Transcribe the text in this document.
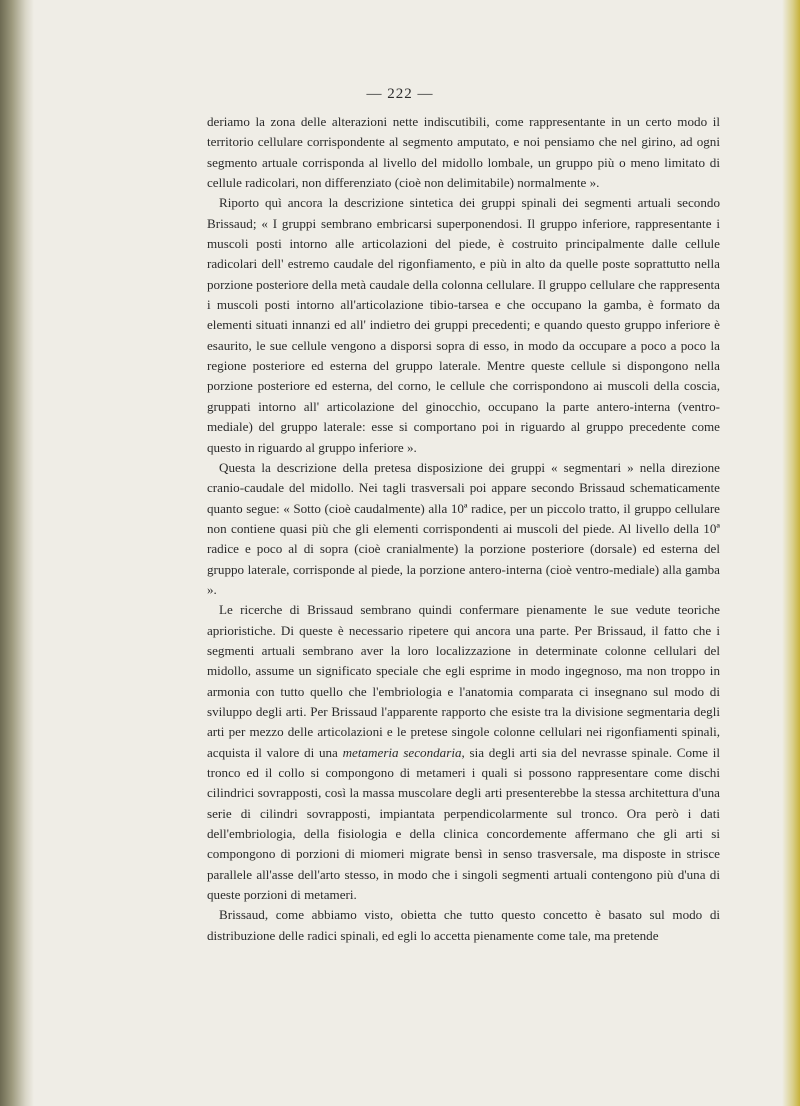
— 222 —

deriamo la zona delle alterazioni nette indiscutibili, come rappresentante in un certo modo il territorio cellulare corrispondente al segmento amputato, e noi pensiamo che nel girino, ad ogni segmento artuale corrisponda al livello del midollo lombale, un gruppo più o meno limitato di cellule radicolari, non differenziato (cioè non delimitabile) normalmente ».

Riporto quì ancora la descrizione sintetica dei gruppi spinali dei segmenti artuali secondo Brissaud; « I gruppi sembrano embricarsi superponendosi. Il gruppo inferiore, rappresentante i muscoli posti intorno alle articolazioni del piede, è costruito principalmente dalle cellule radicolari dell' estremo caudale del rigonfiamento, e più in alto da quelle poste soprattutto nella porzione posteriore della metà caudale della colonna cellulare. Il gruppo cellulare che rappresenta i muscoli posti intorno all'articolazione tibio-tarsea e che occupano la gamba, è formato da elementi situati innanzi ed all' indietro dei gruppi precedenti; e quando questo gruppo inferiore è esaurito, le sue cellule vengono a disporsi sopra di esso, in modo da occupare a poco a poco la regione posteriore ed esterna del gruppo laterale. Mentre queste cellule si dispongono nella porzione posteriore ed esterna, del corno, le cellule che corrispondono ai muscoli della coscia, gruppati intorno all' articolazione del ginocchio, occupano la parte antero-interna (ventro-mediale) del gruppo laterale: esse si comportano poi in riguardo al gruppo precedente come questo in riguardo al gruppo inferiore ».

Questa la descrizione della pretesa disposizione dei gruppi « segmentari » nella direzione cranio-caudale del midollo. Nei tagli trasversali poi appare secondo Brissaud schematicamente quanto segue: « Sotto (cioè caudalmente) alla 10ª radice, per un piccolo tratto, il gruppo cellulare non contiene quasi più che gli elementi corrispondenti ai muscoli del piede. Al livello della 10ª radice e poco al di sopra (cioè cranialmente) la porzione posteriore (dorsale) ed esterna del gruppo laterale, corrisponde al piede, la porzione antero-interna (cioè ventro-mediale) alla gamba ».

Le ricerche di Brissaud sembrano quindi confermare pienamente le sue vedute teoriche aprioristiche. Di queste è necessario ripetere qui ancora una parte. Per Brissaud, il fatto che i segmenti artuali sembrano aver la loro localizzazione in determinate colonne cellulari del midollo, assume un significato speciale che egli esprime in modo ingegnoso, ma non troppo in armonia con tutto quello che l'embriologia e l'anatomia comparata ci insegnano sul modo di sviluppo degli arti. Per Brissaud l'apparente rapporto che esiste tra la divisione segmentaria degli arti per mezzo delle articolazioni e le pretese singole colonne cellulari nei rigonfiamenti spinali, acquista il valore di una metameria secondaria, sia degli arti sia del nevrasse spinale. Come il tronco ed il collo si compongono di metameri i quali si possono rappresentare come dischi cilindrici sovrapposti, così la massa muscolare degli arti presenterebbe la stessa architettura d'una serie di cilindri sovrapposti, impiantata perpendicolarmente sul tronco. Ora però i dati dell'embriologia, della fisiologia e della clinica concordemente affermano che gli arti si compongono di porzioni di miomeri migrate bensì in senso trasversale, ma disposte in strisce parallele all'asse dell'arto stesso, in modo che i singoli segmenti artuali contengono più d'una di queste porzioni di metameri.

Brissaud, come abbiamo visto, obietta che tutto questo concetto è basato sul modo di distribuzione delle radici spinali, ed egli lo accetta pienamente come tale, ma pretende
